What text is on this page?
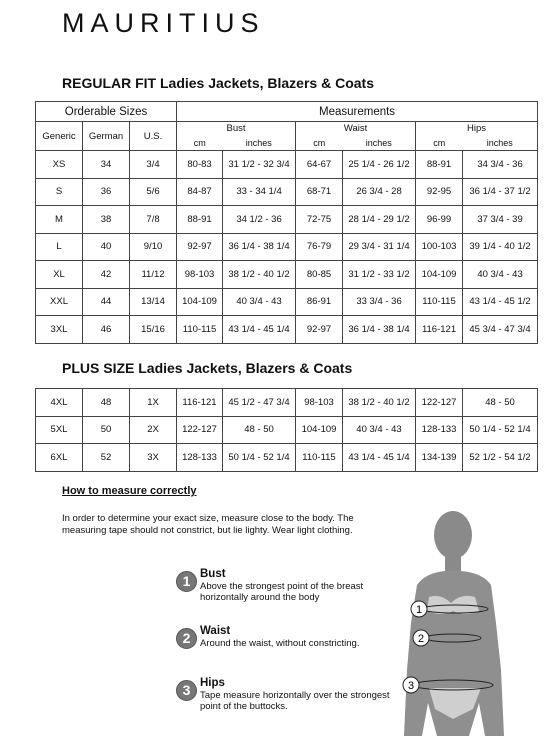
MAURITIUS
REGULAR FIT Ladies Jackets, Blazers & Coats
Orderable Sizes			Measurements					
Generic	German	U.S.	Bust		Waist		Hips	
			cm	inches	cm	inches	cm	inches
XS	34	3/4	80-83	31 1/2 - 32 3/4	64-67	25 1/4 - 26 1/2	88-91	34 3/4 - 36
S	36	5/6	84-87	33 - 34 1/4	68-71	26 3/4 - 28	92-95	36 1/4 - 37 1/2
M	38	7/8	88-91	34 1/2 - 36	72-75	28 1/4 - 29 1/2	96-99	37 3/4 - 39
L	40	9/10	92-97	36 1/4 - 38 1/4	76-79	29 3/4 - 31 1/4	100-103	39 1/4 - 40 1/2
XL	42	11/12	98-103	38 1/2 - 40 1/2	80-85	31 1/2 - 33 1/2	104-109	40 3/4 - 43
XXL	44	13/14	104-109	40 3/4 - 43	86-91	33 3/4 - 36	110-115	43 1/4 - 45 1/2
3XL	46	15/16	110-115	43 1/4 - 45 1/4	92-97	36 1/4 - 38 1/4	116-121	45 3/4 - 47 3/4
PLUS SIZE Ladies Jackets, Blazers & Coats
4XL	48	1X	116-121	45 1/2 - 47 3/4	98-103	38 1/2 - 40 1/2	122-127	48 - 50
5XL	50	2X	122-127	48 - 50	104-109	40 3/4 - 43	128-133	50 1/4 - 52 1/4
6XL	52	3X	128-133	50 1/4 - 52 1/4	110-115	43 1/4 - 45 1/4	134-139	52 1/2 - 54 1/2
How to measure correctly
In order to determine your exact size, measure close to the body. The measuring tape should not constrict, but lie lighty. Wear light clothing.
1 Bust
Above the strongest point of the breast horizontally around the body
2 Waist
Around the waist, without constricting.
3 Hips
Tape measure horizontally over the strongest point of the buttocks.
1
2
3
